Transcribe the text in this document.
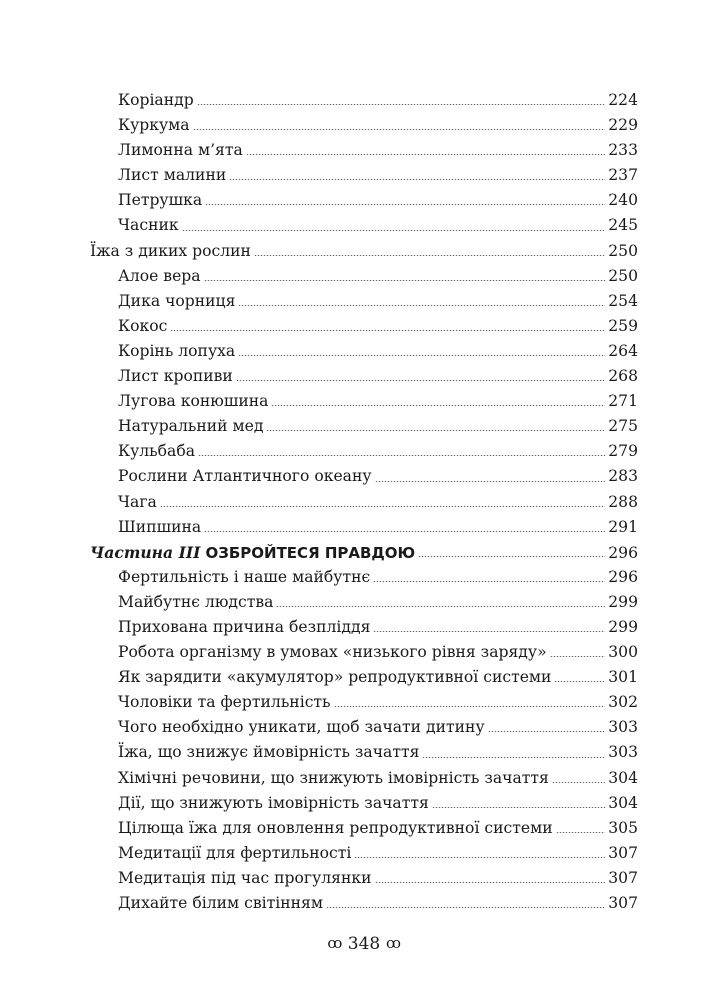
Коріандр	224
Куркума	229
Лимонна м’ята	233
Лист малини	237
Петрушка	240
Часник	245
Їжа з диких рослин	250
Алое вера	250
Дика чорниця	254
Кокос	259
Корінь лопуха	264
Лист кропиви	268
Лугова конюшина	271
Натуральний мед	275
Кульбаба	279
Рослини Атлантичного океану	283
Чага	288
Шипшина	291
Частина III ОЗБРОЙТЕСЯ ПРАВДОЮ	296
Фертильність і наше майбутнє	296
Майбутнє людства	299
Прихована причина безпліддя	299
Робота організму в умовах «низького рівня заряду»	300
Як зарядити «акумулятор» репродуктивної системи	301
Чоловіки та фертильність	302
Чого необхідно уникати, щоб зачати дитину	303
Їжа, що знижує ймовірність зачаття	303
Хімічні речовини, що знижують імовірність зачаття	304
Дії, що знижують імовірність зачаття	304
Цілюща їжа для оновлення репродуктивної системи	305
Медитації для фертильності	307
Медитація під час прогулянки	307
Дихайте білим світінням	307
ꝏ 348 ꝏ
